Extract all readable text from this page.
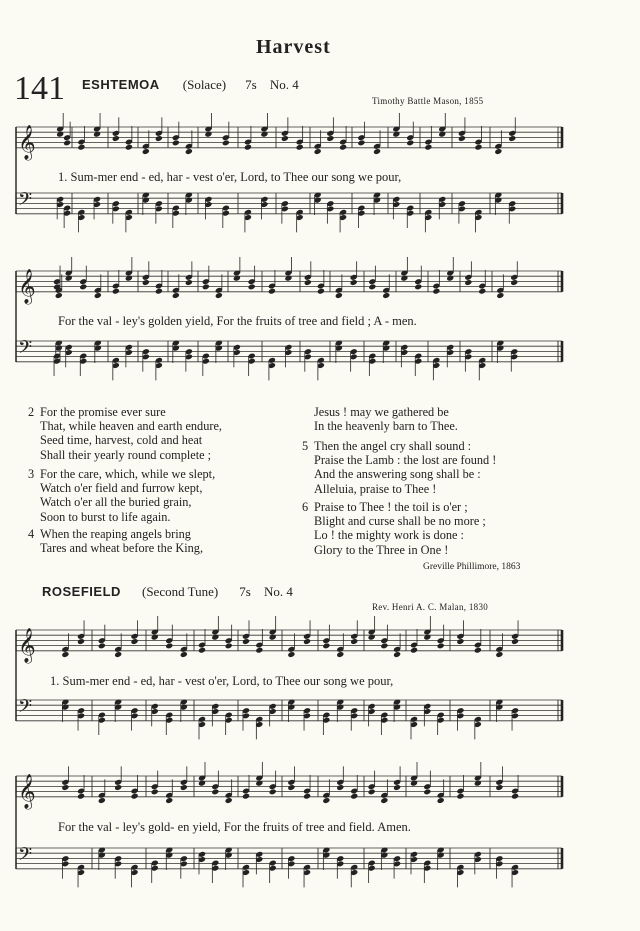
Harvest
141 ESHTEMOA (Solace) 7s No. 4
Timothy Battle Mason, 1855
𝄞
𝄢
𝄞
𝄢
𝄞
𝄢
𝄞
𝄢
1. Sum-mer end - ed, har - vest o'er, Lord, to Thee our song we pour,
For the val - ley's golden yield, For the fruits of tree and field ; A - men.
2 For the promise ever sure
That, while heaven and earth endure,
Seed time, harvest, cold and heat
Shall their yearly round complete ;
3 For the care, which, while we slept,
Watch o'er field and furrow kept,
Watch o'er all the buried grain,
Soon to burst to life again.
4 When the reaping angels bring
Tares and wheat before the King,
Jesus ! may we gathered be
In the heavenly barn to Thee.
5 Then the angel cry shall sound :
Praise the Lamb : the lost are found !
And the answering song shall be :
Alleluia, praise to Thee !
6 Praise to Thee ! the toil is o'er ;
Blight and curse shall be no more ;
Lo ! the mighty work is done :
Glory to the Three in One !
Greville Phillimore, 1863
ROSEFIELD (Second Tune) 7s No. 4
Rev. Henri A. C. Malan, 1830
1. Sum-mer end - ed, har - vest o'er, Lord, to Thee our song we pour,
For the val - ley's gold- en yield, For the fruits of tree and field. Amen.
